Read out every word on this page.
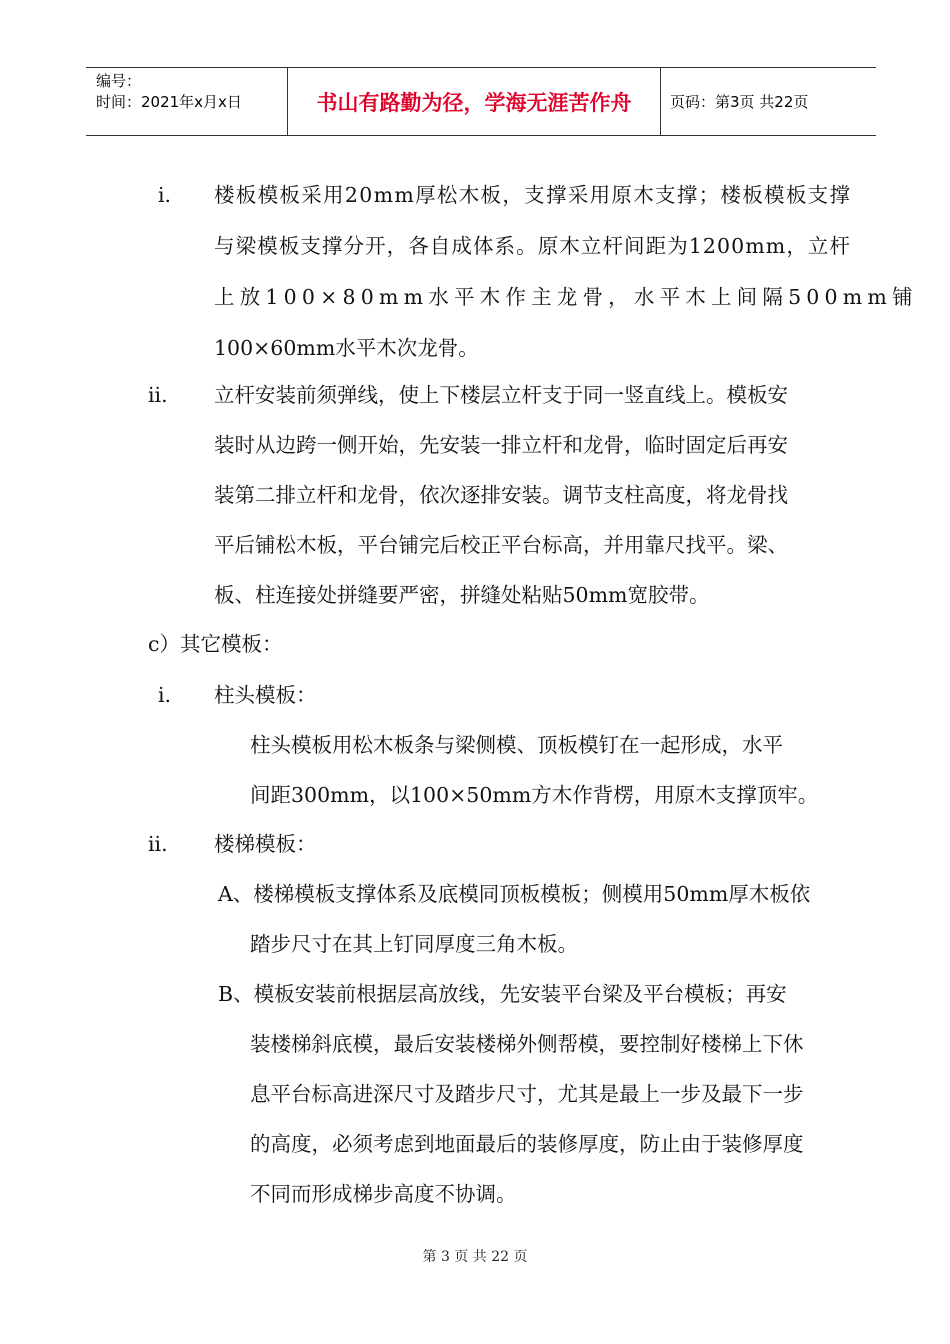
编号：
时间：2021年x月x日	书山有路勤为径，学海无涯苦作舟	页码：第3页 共22页
i. 楼板模板采用20mm厚松木板，支撑采用原木支撑；楼板模板支撑
与梁模板支撑分开，各自成体系。原木立杆间距为1200mm，立杆
上放100×80mm水平木作主龙骨，水平木上间隔500mm铺
100×60mm水平木次龙骨。
ii. 立杆安装前须弹线，使上下楼层立杆支于同一竖直线上。模板安
装时从边跨一侧开始，先安装一排立杆和龙骨，临时固定后再安
装第二排立杆和龙骨，依次逐排安装。调节支柱高度，将龙骨找
平后铺松木板，平台铺完后校正平台标高，并用靠尺找平。梁、
板、柱连接处拼缝要严密，拼缝处粘贴50mm宽胶带。
c）其它模板：
i. 柱头模板：
柱头模板用松木板条与梁侧模、顶板模钉在一起形成，水平
间距300mm，以100×50mm方木作背楞，用原木支撑顶牢。
ii. 楼梯模板：
A、楼梯模板支撑体系及底模同顶板模板；侧模用50mm厚木板依
踏步尺寸在其上钉同厚度三角木板。
B、模板安装前根据层高放线，先安装平台梁及平台模板；再安
装楼梯斜底模，最后安装楼梯外侧帮模，要控制好楼梯上下休
息平台标高进深尺寸及踏步尺寸，尤其是最上一步及最下一步
的高度，必须考虑到地面最后的装修厚度，防止由于装修厚度
不同而形成梯步高度不协调。
第 3 页 共 22 页
